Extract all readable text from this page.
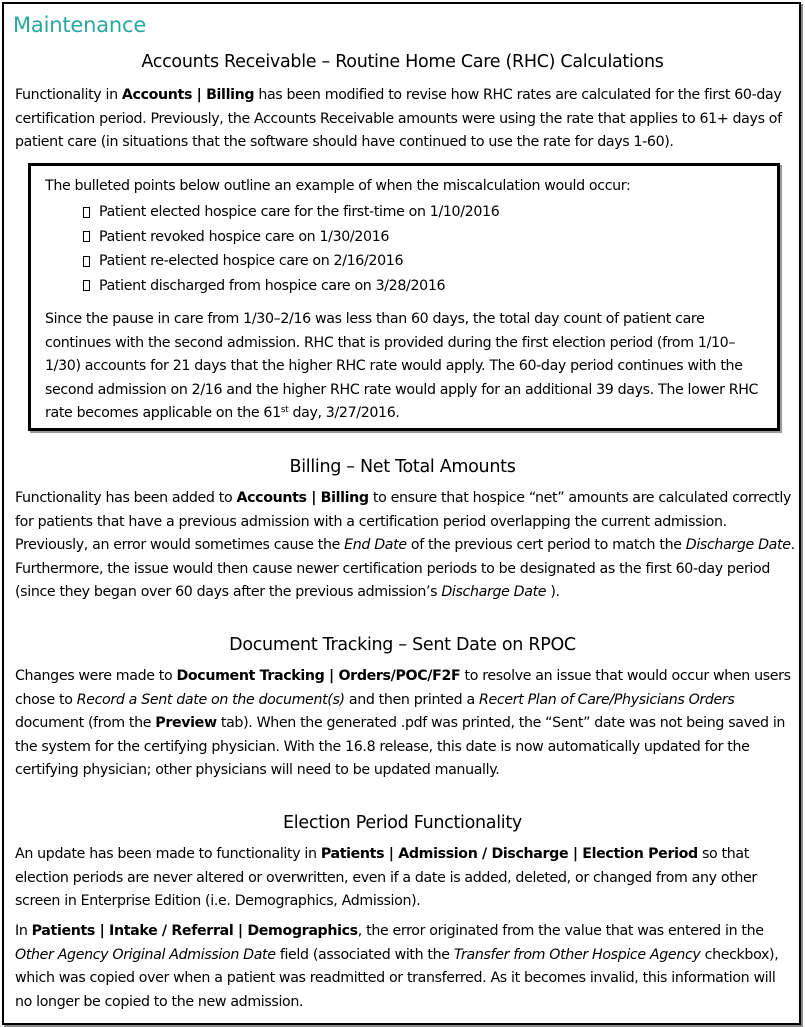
Maintenance
Accounts Receivable – Routine Home Care (RHC) Calculations

Functionality in Accounts | Billing has been modified to revise how RHC rates are calculated for the first 60-day certification period. Previously, the Accounts Receivable amounts were using the rate that applies to 61+ days of patient care (in situations that the software should have continued to use the rate for days 1-60).

The bulleted points below outline an example of when the miscalculation would occur:
Patient elected hospice care for the first-time on 1/10/2016
Patient revoked hospice care on 1/30/2016
Patient re-elected hospice care on 2/16/2016
Patient discharged from hospice care on 3/28/2016

Since the pause in care from 1/30–2/16 was less than 60 days, the total day count of patient care continues with the second admission. RHC that is provided during the first election period (from 1/10–1/30) accounts for 21 days that the higher RHC rate would apply. The 60-day period continues with the second admission on 2/16 and the higher RHC rate would apply for an additional 39 days. The lower RHC rate becomes applicable on the 61st day, 3/27/2016.

Billing – Net Total Amounts

Functionality has been added to Accounts | Billing to ensure that hospice “net” amounts are calculated correctly for patients that have a previous admission with a certification period overlapping the current admission. Previously, an error would sometimes cause the End Date of the previous cert period to match the Discharge Date. Furthermore, the issue would then cause newer certification periods to be designated as the first 60-day period (since they began over 60 days after the previous admission’s Discharge Date ).

Document Tracking – Sent Date on RPOC

Changes were made to Document Tracking | Orders/POC/F2F to resolve an issue that would occur when users chose to Record a Sent date on the document(s) and then printed a Recert Plan of Care/Physicians Orders document (from the Preview tab). When the generated .pdf was printed, the “Sent” date was not being saved in the system for the certifying physician. With the 16.8 release, this date is now automatically updated for the certifying physician; other physicians will need to be updated manually.

Election Period Functionality

An update has been made to functionality in Patients | Admission / Discharge | Election Period so that election periods are never altered or overwritten, even if a date is added, deleted, or changed from any other screen in Enterprise Edition (i.e. Demographics, Admission).

In Patients | Intake / Referral | Demographics, the error originated from the value that was entered in the Other Agency Original Admission Date field (associated with the Transfer from Other Hospice Agency checkbox), which was copied over when a patient was readmitted or transferred. As it becomes invalid, this information will no longer be copied to the new admission.
